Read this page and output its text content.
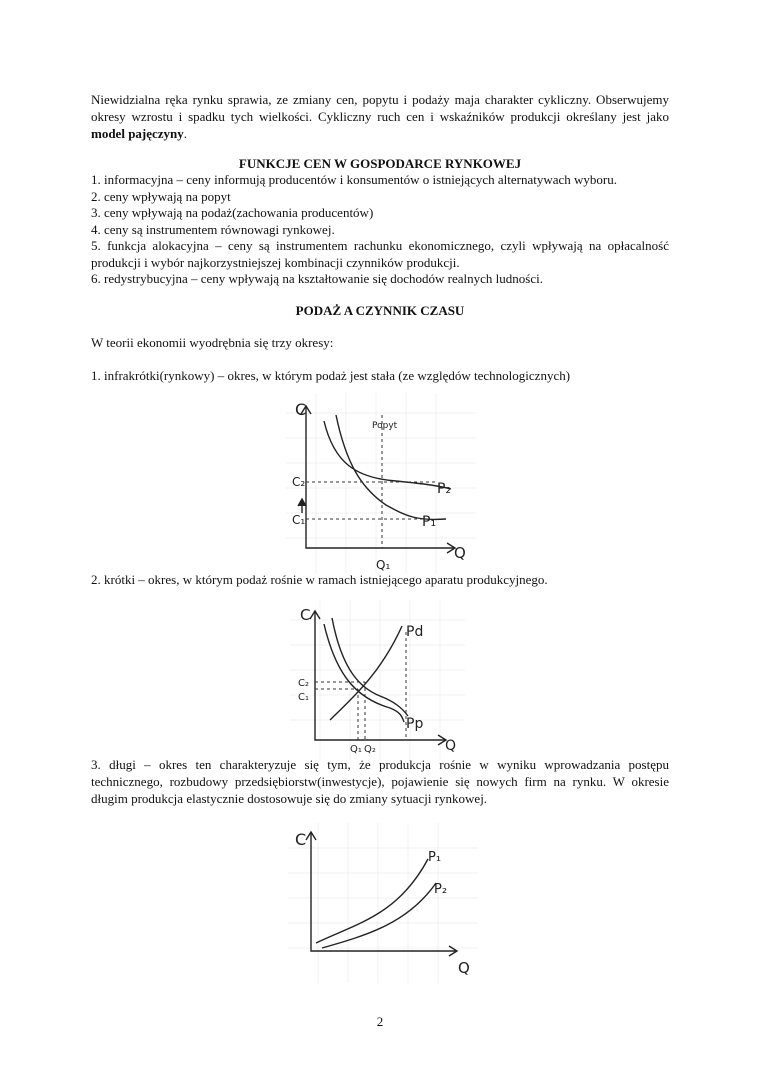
Niewidzialna ręka rynku sprawia, ze zmiany cen, popytu i podaży maja charakter cykliczny. Obserwujemy okresy wzrostu i spadku tych wielkości. Cykliczny ruch cen i wskaźników produkcji określany jest jako model pajęczyny.

FUNKCJE CEN W GOSPODARCE RYNKOWEJ

1. informacyjna – ceny informują producentów i konsumentów o istniejących alternatywach wyboru.
2. ceny wpływają na popyt
3. ceny wpływają na podaż(zachowania producentów)
4. ceny są instrumentem równowagi rynkowej.
5. funkcja alokacyjna – ceny są instrumentem rachunku ekonomicznego, czyli wpływają na opłacalność produkcji i wybór najkorzystniejszej kombinacji czynników produkcji.
6. redystrybucyjna – ceny wpływają na kształtowanie się dochodów realnych ludności.

PODAŻ A CZYNNIK CZASU

W teorii ekonomii wyodrębnia się trzy okresy:

1. infrakrótki(rynkowy) – okres, w którym podaż jest stała (ze względów technologicznych)

C
Q
Popyt
C₂
C₁
Q₁
P₂
P₁

2. krótki – okres, w którym podaż rośnie w ramach istniejącego aparatu produkcyjnego.

C
Q
Pd
Pp
C₂
C₁
Q₁ Q₂

3. długi – okres ten charakteryzuje się tym, że produkcja rośnie w wyniku wprowadzania postępu technicznego, rozbudowy przedsiębiorstw(inwestycje), pojawienie się nowych firm na rynku. W okresie długim produkcja elastycznie dostosowuje się do zmiany sytuacji rynkowej.

C
Q
P₁
P₂
2
